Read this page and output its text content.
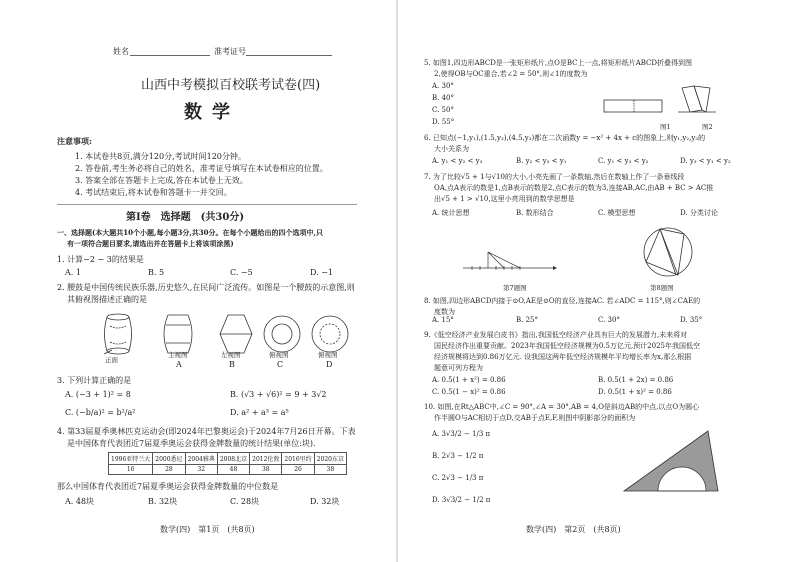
姓名	准考证号
山西中考模拟百校联考试卷(四)
数学
注意事项:
1. 本试卷共8页,满分120分,考试时间120分钟。
2. 答卷前,考生务必将自己的姓名、准考证号填写在本试卷相应的位置。
3. 答案全部在答题卡上完成,答在本试卷上无效。
4. 考试结束后,将本试卷和答题卡一并交回。
第Ⅰ卷　选择题　(共30分)
一、选择题(本大题共10个小题,每小题3分,共30分。在每个小题给出的四个选项中,只
有一项符合题目要求,请选出并在答题卡上将该项涂黑)
1. 计算−2 − 3的结果是
A. 1	B. 5	C. −5	D. −1
2. 腰鼓是中国传统民族乐器,历史悠久,在民间广泛流传。如图是一个腰鼓的示意图,则
其俯视图描述正确的是
正面
主视图	左视图	俯视图	俯视图
A	B	C	D
3. 下列计算正确的是
A. (−3 + 1)² = 8	B. (√3 + √6)² = 9 + 3√2
C. (−b/a)² = b²/a²	D. a² + a³ = a⁵
4. 第33届夏季奥林匹克运动会(即2024年巴黎奥运会)于2024年7月26日开幕。下表
是中国体育代表团近7届夏季奥运会获得金牌数量的统计结果(单位:块).
1996亚特兰大	2000悉尼	2004雅典	2008北京	2012伦敦	2016里约	2020东京
16	28	32	48	38	26	38
那么中国体育代表团近7届夏季奥运会获得金牌数量的中位数是
A. 48块	B. 32块	C. 28块	D. 32块
数学(四)　第1页　(共8页)
5. 如图1,四边形ABCD是一张矩形纸片,点O是BC上一点,将矩形纸片ABCD折叠得到图
2,使得OB与OC重合,若∠2 = 50°,则∠1的度数为
A. 30°
B. 40°
C. 50°
D. 55°
图1	图2
6. 已知点(−1,y₁),(1.5,y₂),(4.5,y₃)都在二次函数y = −x² + 4x + c的图象上,则y₁,y₂,y₃的
大小关系为
A. y₁ < y₂ < y₃	B. y₂ < y₃ < y₁	C. y₁ < y₃ < y₂	D. y₃ < y₁ < y₂
7. 为了比较√5 + 1与√10的大小,小亮先画了一条数轴,然后在数轴上作了一条垂线段
OA,点A表示的数是1,点B表示的数是2,点C表示的数为3,连接AB,AC,由AB + BC > AC推
出√5 + 1 > √10,这里小亮用到的数学思想是
A. 统计思想	B. 数形结合	C. 模型思想	D. 分类讨论
第7题图	第8题图
8. 如图,四边形ABCD内接于⊙O,AE是⊙O的直径,连接AC. 若∠ADC = 115°,则∠CAE的
度数为
A. 15°	B. 25°	C. 30°	D. 35°
9.《低空经济产业发展白皮书》指出,我国低空经济产业具有巨大的发展潜力,未来将对
国民经济作出重要贡献。2023年我国低空经济规模为0.5万亿元,预计2025年我国低空
经济规模将达到0.86万亿元. 设我国这两年低空经济规模年平均增长率为x,那么根据
题意可列方程为
A. 0.5(1 + x²) = 0.86	B. 0.5(1 + 2x) = 0.86
C. 0.5(1 − x)² = 0.86	D. 0.5(1 + x)² = 0.86
10. 如图,在Rt△ABC中,∠C = 90°,∠A = 30°,AB = 4,O是斜边AB的中点,以点O为圆心
作半圆O与AC相切于点D,交AB于点E,F,则图中阴影部分的面积为
A. 3√3/2 − 1/3 π
B. 2√3 − 1/2 π
C. 2√3 − 1/3 π
D. 3√3/2 − 1/2 π
数学(四)　第2页　(共8页)
